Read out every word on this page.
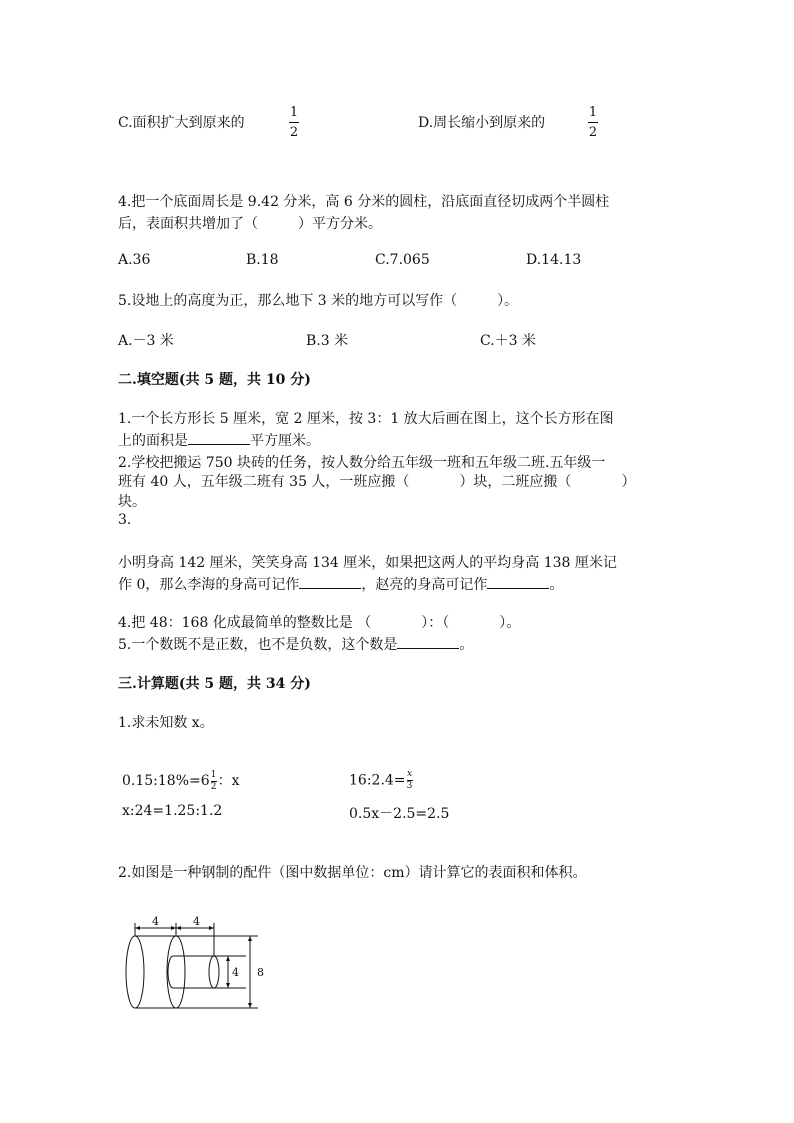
C.面积扩大到原来的
1
2
D.周长缩小到原来的
1
2
4.把一个底面周长是 9.42 分米，高 6 分米的圆柱，沿底面直径切成两个半圆柱
后，表面积共增加了（	）平方分米。
A.36	B.18	C.7.065	D.14.13
5.设地上的高度为正，那么地下 3 米的地方可以写作（	）。
A.－3 米	B.3 米	C.＋3 米
二.填空题(共 5 题，共 10 分)
1.一个长方形长 5 厘米，宽 2 厘米，按 3：1 放大后画在图上，这个长方形在图
上的面积是	平方厘米。
2.学校把搬运 750 块砖的任务，按人数分给五年级一班和五年级二班.五年级一
班有 40 人，五年级二班有 35 人，一班应搬（	）块，二班应搬（	）
块。
3.
小明身高 142 厘米，笑笑身高 134 厘米，如果把这两人的平均身高 138 厘米记
作 0，那么李海的身高可记作	，赵亮的身高可记作	。
4.把 48：168 化成最简单的整数比是 （	）：（	）。
5.一个数既不是正数，也不是负数，这个数是	。
三.计算题(共 5 题，共 34 分)
1.求未知数 x。
0.15:18%=6 $\frac{1}{2}$ ：x	16:2.4= $\frac{x}{3}$
x:24=1.25:1.2	0.5x－2.5=2.5
2.如图是一种钢制的配件（图中数据单位：cm）请计算它的表面积和体积。
4	4
4 8
